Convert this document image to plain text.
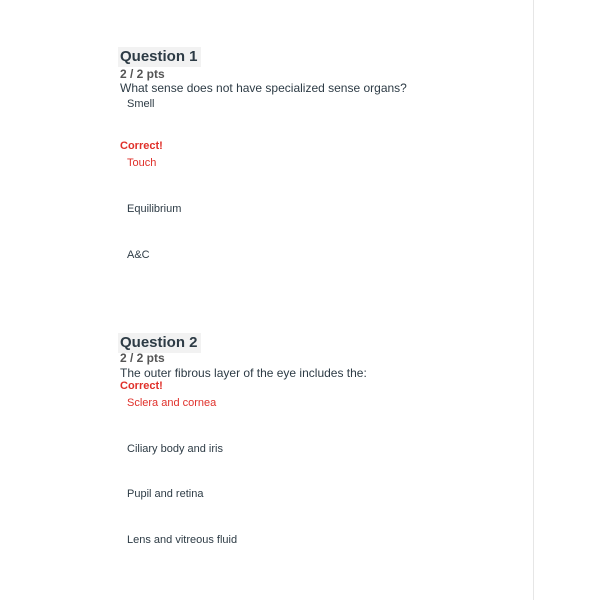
Question 1
2 / 2 pts
What sense does not have specialized sense organs?
Smell
Correct!
Touch
Equilibrium
A&C
Question 2
2 / 2 pts
The outer fibrous layer of the eye includes the:
Correct!
Sclera and cornea
Ciliary body and iris
Pupil and retina
Lens and vitreous fluid
